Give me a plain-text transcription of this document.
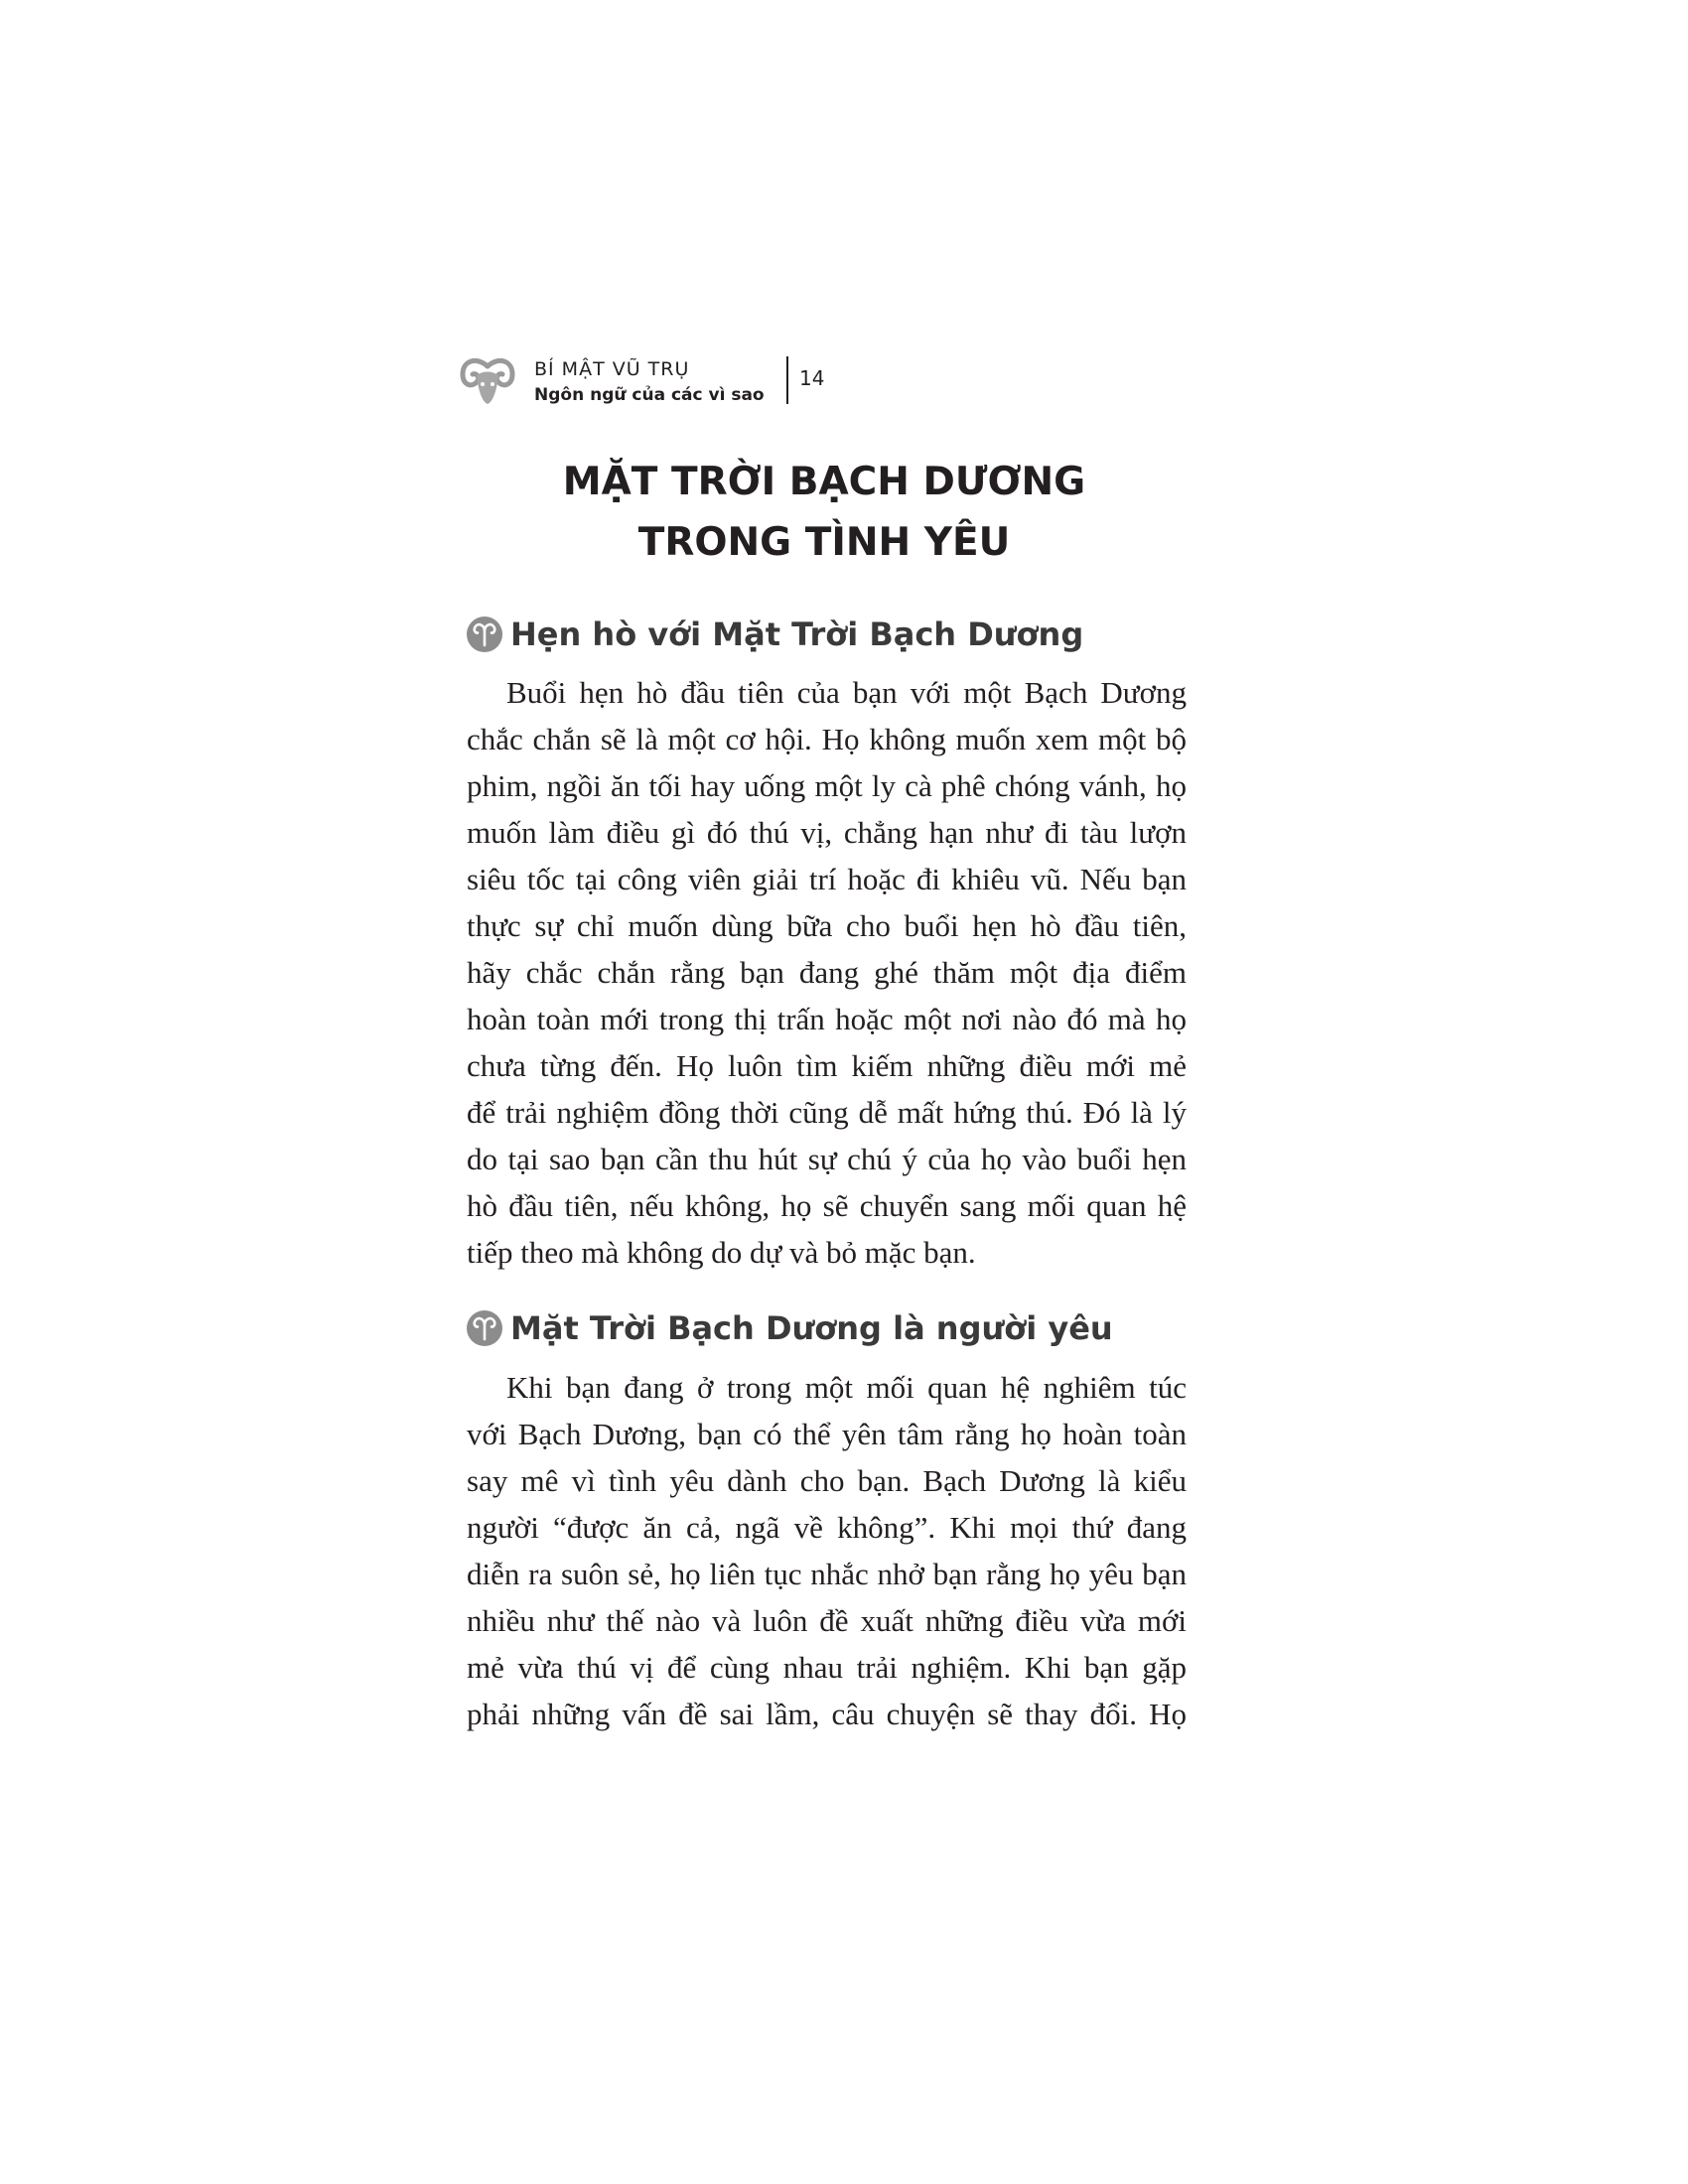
BÍ MẬT VŨ TRỤ
Ngôn ngữ của các vì sao
14
MẶT TRỜI BẠCH DƯƠNG
TRONG TÌNH YÊU
Hẹn hò với Mặt Trời Bạch Dương
Buổi hẹn hò đầu tiên của bạn với một Bạch Dương
chắc chắn sẽ là một cơ hội. Họ không muốn xem một bộ
phim, ngồi ăn tối hay uống một ly cà phê chóng vánh, họ
muốn làm điều gì đó thú vị, chẳng hạn như đi tàu lượn
siêu tốc tại công viên giải trí hoặc đi khiêu vũ. Nếu bạn
thực sự chỉ muốn dùng bữa cho buổi hẹn hò đầu tiên,
hãy chắc chắn rằng bạn đang ghé thăm một địa điểm
hoàn toàn mới trong thị trấn hoặc một nơi nào đó mà họ
chưa từng đến. Họ luôn tìm kiếm những điều mới mẻ
để trải nghiệm đồng thời cũng dễ mất hứng thú. Đó là lý
do tại sao bạn cần thu hút sự chú ý của họ vào buổi hẹn
hò đầu tiên, nếu không, họ sẽ chuyển sang mối quan hệ
tiếp theo mà không do dự và bỏ mặc bạn.
Mặt Trời Bạch Dương là người yêu
Khi bạn đang ở trong một mối quan hệ nghiêm túc
với Bạch Dương, bạn có thể yên tâm rằng họ hoàn toàn
say mê vì tình yêu dành cho bạn. Bạch Dương là kiểu
người “được ăn cả, ngã về không”. Khi mọi thứ đang
diễn ra suôn sẻ, họ liên tục nhắc nhở bạn rằng họ yêu bạn
nhiều như thế nào và luôn đề xuất những điều vừa mới
mẻ vừa thú vị để cùng nhau trải nghiệm. Khi bạn gặp
phải những vấn đề sai lầm, câu chuyện sẽ thay đổi. Họ
